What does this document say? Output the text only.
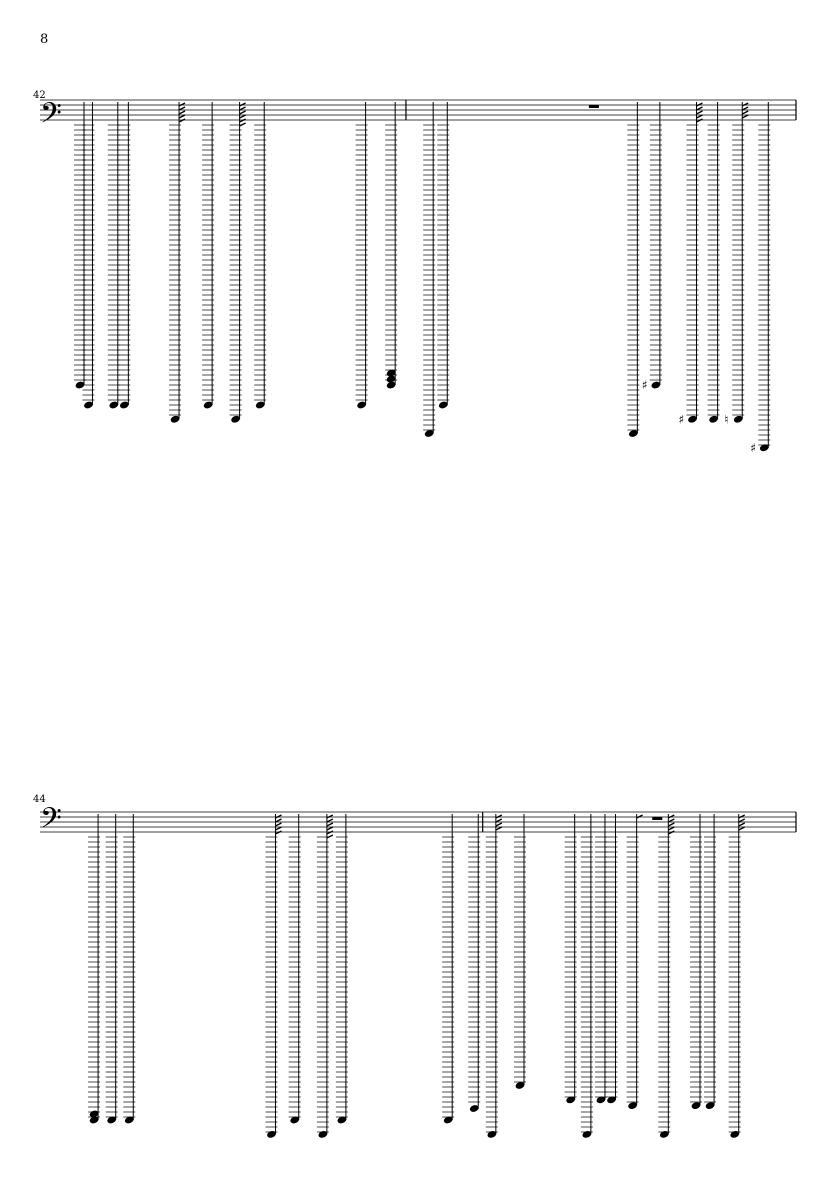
8
42
𝄢
44
𝄢
♯
♯	♮
♯
